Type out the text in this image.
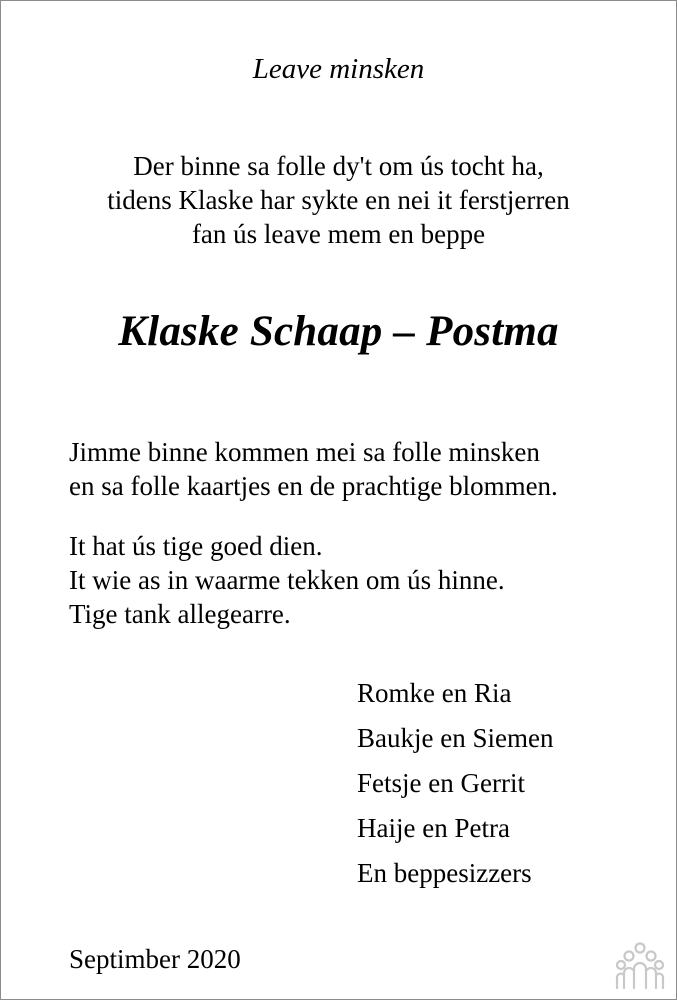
Leave minsken
Der binne sa folle dy't om ús tocht ha,
tidens Klaske har sykte en nei it ferstjerren
fan ús leave mem en beppe
Klaske Schaap – Postma
Jimme binne kommen mei sa folle minsken
en sa folle kaartjes en de prachtige blommen.
It hat ús tige goed dien.
It wie as in waarme tekken om ús hinne.
Tige tank allegearre.
Romke en Ria
Baukje en Siemen
Fetsje en Gerrit
Haije en Petra
En beppesizzers
Septimber 2020
